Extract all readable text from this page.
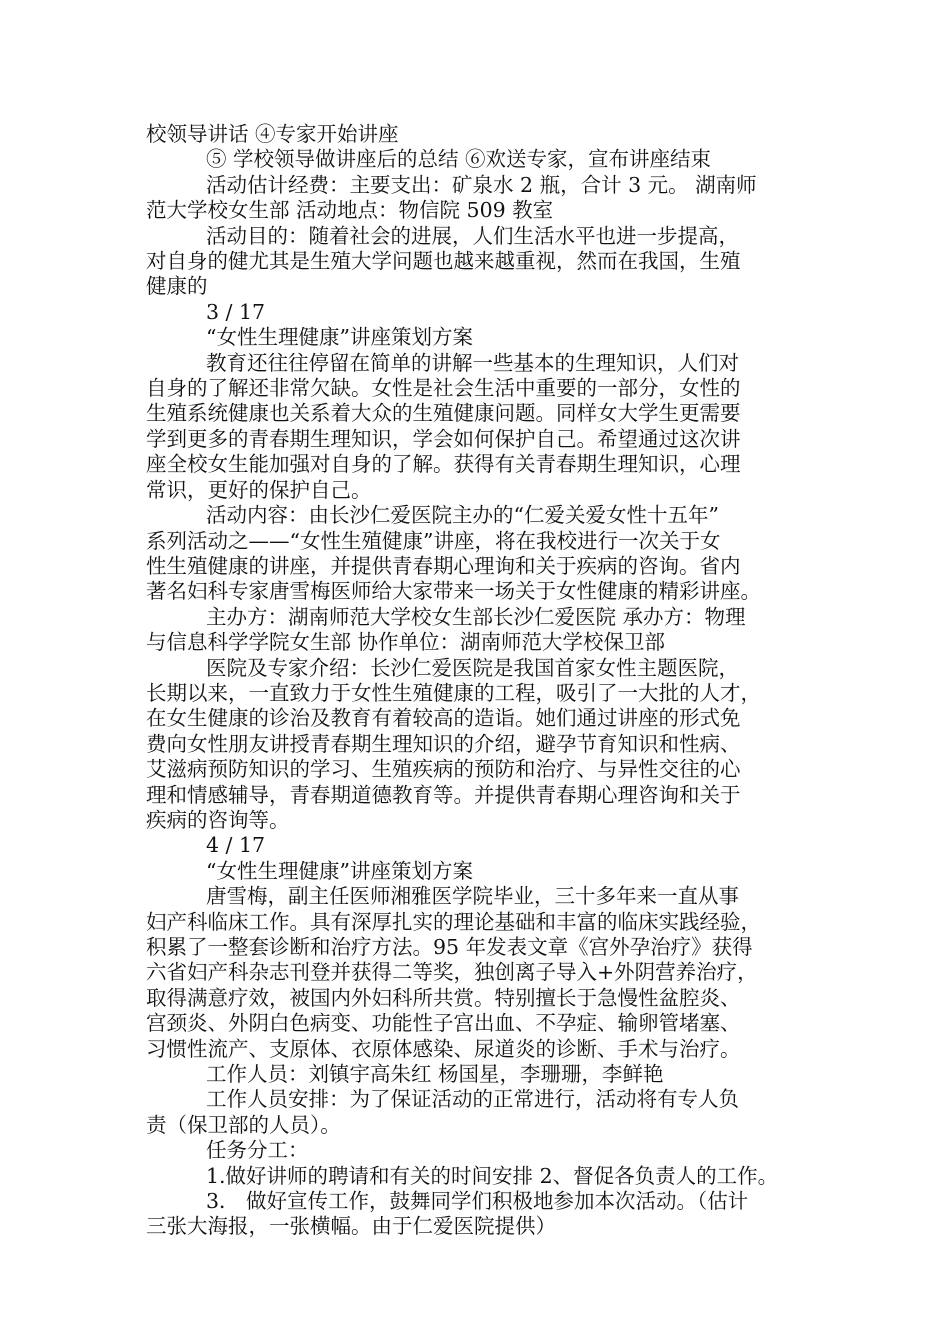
校领导讲话 ④专家开始讲座
⑤ 学校领导做讲座后的总结 ⑥欢送专家，宣布讲座结束
活动估计经费：主要支出：矿泉水 2 瓶，合计 3 元。 湖南师
范大学校女生部 活动地点：物信院 509 教室
活动目的：随着社会的进展，人们生活水平也进一步提高，
对自身的健尤其是生殖大学问题也越来越重视，然而在我国，生殖
健康的
3 / 17
“女性生理健康”讲座策划方案
教育还往往停留在简单的讲解一些基本的生理知识，人们对
自身的了解还非常欠缺。女性是社会生活中重要的一部分，女性的
生殖系统健康也关系着大众的生殖健康问题。同样女大学生更需要
学到更多的青春期生理知识，学会如何保护自己。希望通过这次讲
座全校女生能加强对自身的了解。获得有关青春期生理知识，心理
常识，更好的保护自己。
活动内容：由长沙仁爱医院主办的“仁爱关爱女性十五年”
系列活动之——“女性生殖健康”讲座，将在我校进行一次关于女
性生殖健康的讲座，并提供青春期心理询和关于疾病的咨询。省内
著名妇科专家唐雪梅医师给大家带来一场关于女性健康的精彩讲座。
主办方：湖南师范大学校女生部长沙仁爱医院 承办方：物理
与信息科学学院女生部 协作单位：湖南师范大学校保卫部
医院及专家介绍：长沙仁爱医院是我国首家女性主题医院，
长期以来，一直致力于女性生殖健康的工程，吸引了一大批的人才，
在女生健康的诊治及教育有着较高的造诣。她们通过讲座的形式免
费向女性朋友讲授青春期生理知识的介绍，避孕节育知识和性病、
艾滋病预防知识的学习、生殖疾病的预防和治疗、与异性交往的心
理和情感辅导，青春期道德教育等。并提供青春期心理咨询和关于
疾病的咨询等。
4 / 17
“女性生理健康”讲座策划方案
唐雪梅，副主任医师湘雅医学院毕业，三十多年来一直从事
妇产科临床工作。具有深厚扎实的理论基础和丰富的临床实践经验，
积累了一整套诊断和治疗方法。95 年发表文章《宫外孕治疗》获得
六省妇产科杂志刊登并获得二等奖，独创离子导入+外阴营养治疗，
取得满意疗效，被国内外妇科所共赏。特别擅长于急慢性盆腔炎、
宫颈炎、外阴白色病变、功能性子宫出血、不孕症、输卵管堵塞、
习惯性流产、支原体、衣原体感染、尿道炎的诊断、手术与治疗。
工作人员：刘镇宇高朱红 杨国星，李珊珊，李鲜艳
工作人员安排：为了保证活动的正常进行，活动将有专人负
责（保卫部的人员）。
任务分工：
1.做好讲师的聘请和有关的时间安排 2、督促各负责人的工作。
3． 做好宣传工作，鼓舞同学们积极地参加本次活动。（估计
三张大海报，一张横幅。由于仁爱医院提供）
